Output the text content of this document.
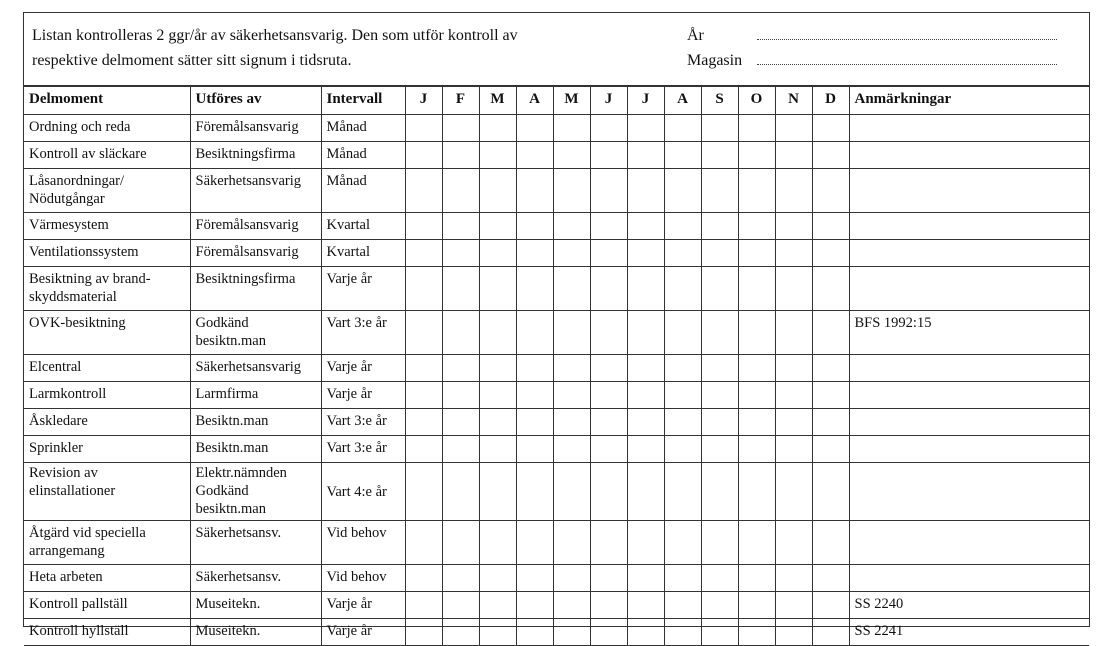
Listan kontrolleras 2 ggr/år av säkerhetsansvarig. Den som utför kontroll av
respektive delmoment sätter sitt signum i tidsruta.
År
Magasin
Delmoment	Utföres av	Intervall	J	F	M	A	M	J	J	A	S	O	N	D	Anmärkningar
Ordning och reda	Föremålsansvarig	Månad													
Kontroll av släckare	Besiktningsfirma	Månad													
Låsanordningar/
Nödutgångar	Säkerhetsansvarig	Månad													
Värmesystem	Föremålsansvarig	Kvartal													
Ventilationssystem	Föremålsansvarig	Kvartal													
Besiktning av brand-
skyddsmaterial	Besiktningsfirma	Varje år													
OVK-besiktning	Godkänd
besiktn.man	Vart 3:e år													BFS 1992:15
Elcentral	Säkerhetsansvarig	Varje år													
Larmkontroll	Larmfirma	Varje år													
Åskledare	Besiktn.man	Vart 3:e år													
Sprinkler	Besiktn.man	Vart 3:e år													
Revision av
elinstallationer	Elektr.nämnden
Godkänd
besiktn.man	Vart 4:e år													
Åtgärd vid speciella
arrangemang	Säkerhetsansv.	Vid behov													
Heta arbeten	Säkerhetsansv.	Vid behov													
Kontroll pallställ	Museitekn.	Varje år													SS 2240
Kontroll hyllställ	Museitekn.	Varje år													SS 2241
